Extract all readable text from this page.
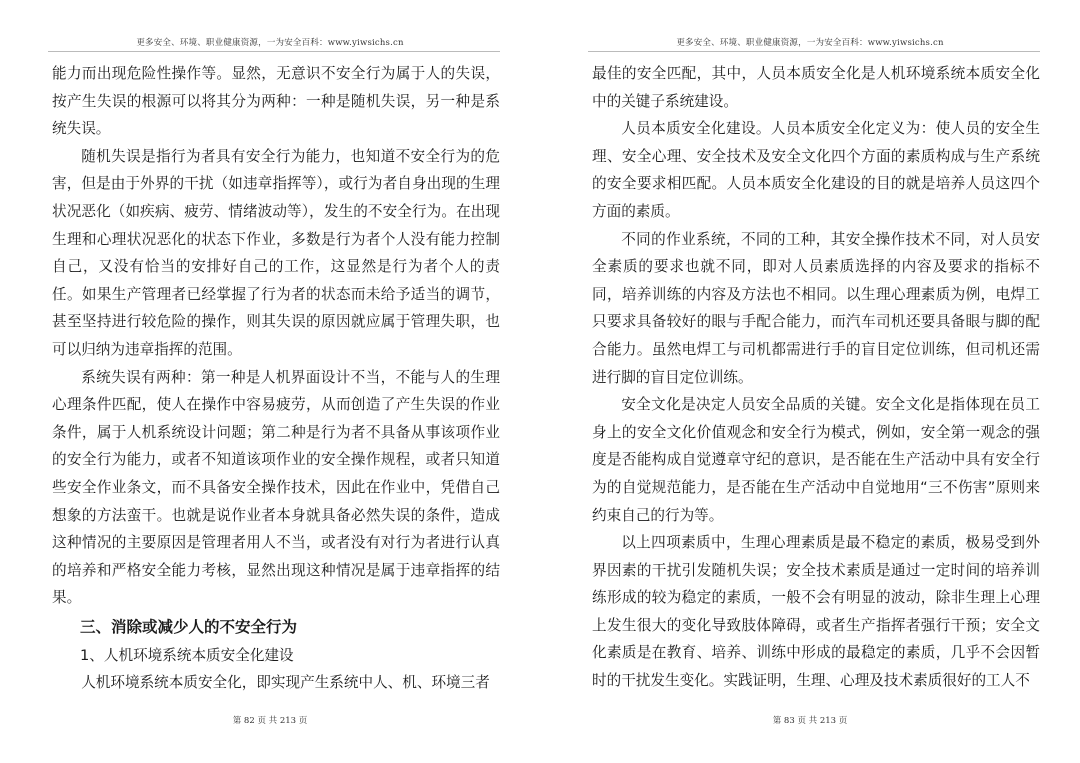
更多安全、环境、职业健康资源，一为安全百科：www.yiwsichs.cn

能力而出现危险性操作等。显然，无意识不安全行为属于人的失误，按产生失误的根源可以将其分为两种：一种是随机失误，另一种是系统失误。

随机失误是指行为者具有安全行为能力，也知道不安全行为的危害，但是由于外界的干扰（如违章指挥等），或行为者自身出现的生理状况恶化（如疾病、疲劳、情绪波动等），发生的不安全行为。在出现生理和心理状况恶化的状态下作业，多数是行为者个人没有能力控制自己，又没有恰当的安排好自己的工作，这显然是行为者个人的责任。如果生产管理者已经掌握了行为者的状态而未给予适当的调节，甚至坚持进行较危险的操作，则其失误的原因就应属于管理失职，也可以归纳为违章指挥的范围。

系统失误有两种：第一种是人机界面设计不当，不能与人的生理心理条件匹配，使人在操作中容易疲劳，从而创造了产生失误的作业条件，属于人机系统设计问题；第二种是行为者不具备从事该项作业的安全行为能力，或者不知道该项作业的安全操作规程，或者只知道些安全作业条文，而不具备安全操作技术，因此在作业中，凭借自己想象的方法蛮干。也就是说作业者本身就具备必然失误的条件，造成这种情况的主要原因是管理者用人不当，或者没有对行为者进行认真的培养和严格安全能力考核，显然出现这种情况是属于违章指挥的结果。

三、消除或减少人的不安全行为

1、人机环境系统本质安全化建设

人机环境系统本质安全化，即实现产生系统中人、机、环境三者

第 82 页 共 213 页
更多安全、环境、职业健康资源，一为安全百科：www.yiwsichs.cn

最佳的安全匹配，其中，人员本质安全化是人机环境系统本质安全化中的关键子系统建设。

人员本质安全化建设。人员本质安全化定义为：使人员的安全生理、安全心理、安全技术及安全文化四个方面的素质构成与生产系统的安全要求相匹配。人员本质安全化建设的目的就是培养人员这四个方面的素质。

不同的作业系统，不同的工种，其安全操作技术不同，对人员安全素质的要求也就不同，即对人员素质选择的内容及要求的指标不同，培养训练的内容及方法也不相同。以生理心理素质为例，电焊工只要求具备较好的眼与手配合能力，而汽车司机还要具备眼与脚的配合能力。虽然电焊工与司机都需进行手的盲目定位训练，但司机还需进行脚的盲目定位训练。

安全文化是决定人员安全品质的关键。安全文化是指体现在员工身上的安全文化价值观念和安全行为模式，例如，安全第一观念的强度是否能构成自觉遵章守纪的意识，是否能在生产活动中具有安全行为的自觉规范能力，是否能在生产活动中自觉地用“三不伤害”原则来约束自己的行为等。

以上四项素质中，生理心理素质是最不稳定的素质，极易受到外界因素的干扰引发随机失误；安全技术素质是通过一定时间的培养训练形成的较为稳定的素质，一般不会有明显的波动，除非生理上心理上发生很大的变化导致肢体障碍，或者生产指挥者强行干预；安全文化素质是在教育、培养、训练中形成的最稳定的素质，几乎不会因暂时的干扰发生变化。实践证明，生理、心理及技术素质很好的工人不

第 83 页 共 213 页
